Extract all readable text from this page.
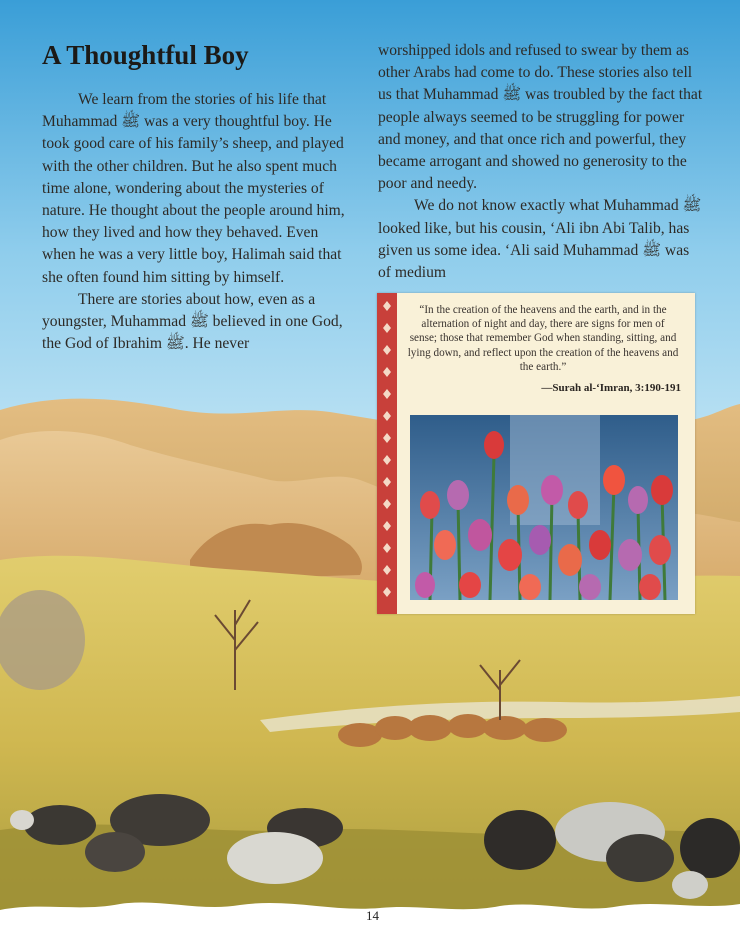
A Thoughtful Boy

We learn from the stories of his life that Muhammad ﷺ was a very thoughtful boy. He took good care of his family’s sheep, and played with the other children. But he also spent much time alone, wondering about the mysteries of nature. He thought about the people around him, how they lived and how they behaved. Even when he was a very little boy, Halimah said that she often found him sitting by himself.

There are stories about how, even as a youngster, Muhammad ﷺ believed in one God, the God of Ibrahim ﷺ. He never

worshipped idols and refused to swear by them as other Arabs had come to do. These stories also tell us that Muhammad ﷺ was troubled by the fact that people always seemed to be struggling for power and money, and that once rich and powerful, they became arrogant and showed no generosity to the poor and needy.

We do not know exactly what Muhammad ﷺ looked like, but his cousin, ‘Ali ibn Abi Talib, has given us some idea. ‘Ali said Muhammad ﷺ was of medium

“In the creation of the heavens and the earth, and in the alternation of night and day, there are signs for men of sense; those that remember God when standing, sitting, and lying down, and reflect upon the creation of the heavens and the earth.”
—Surah al-‘Imran, 3:190-191
14
